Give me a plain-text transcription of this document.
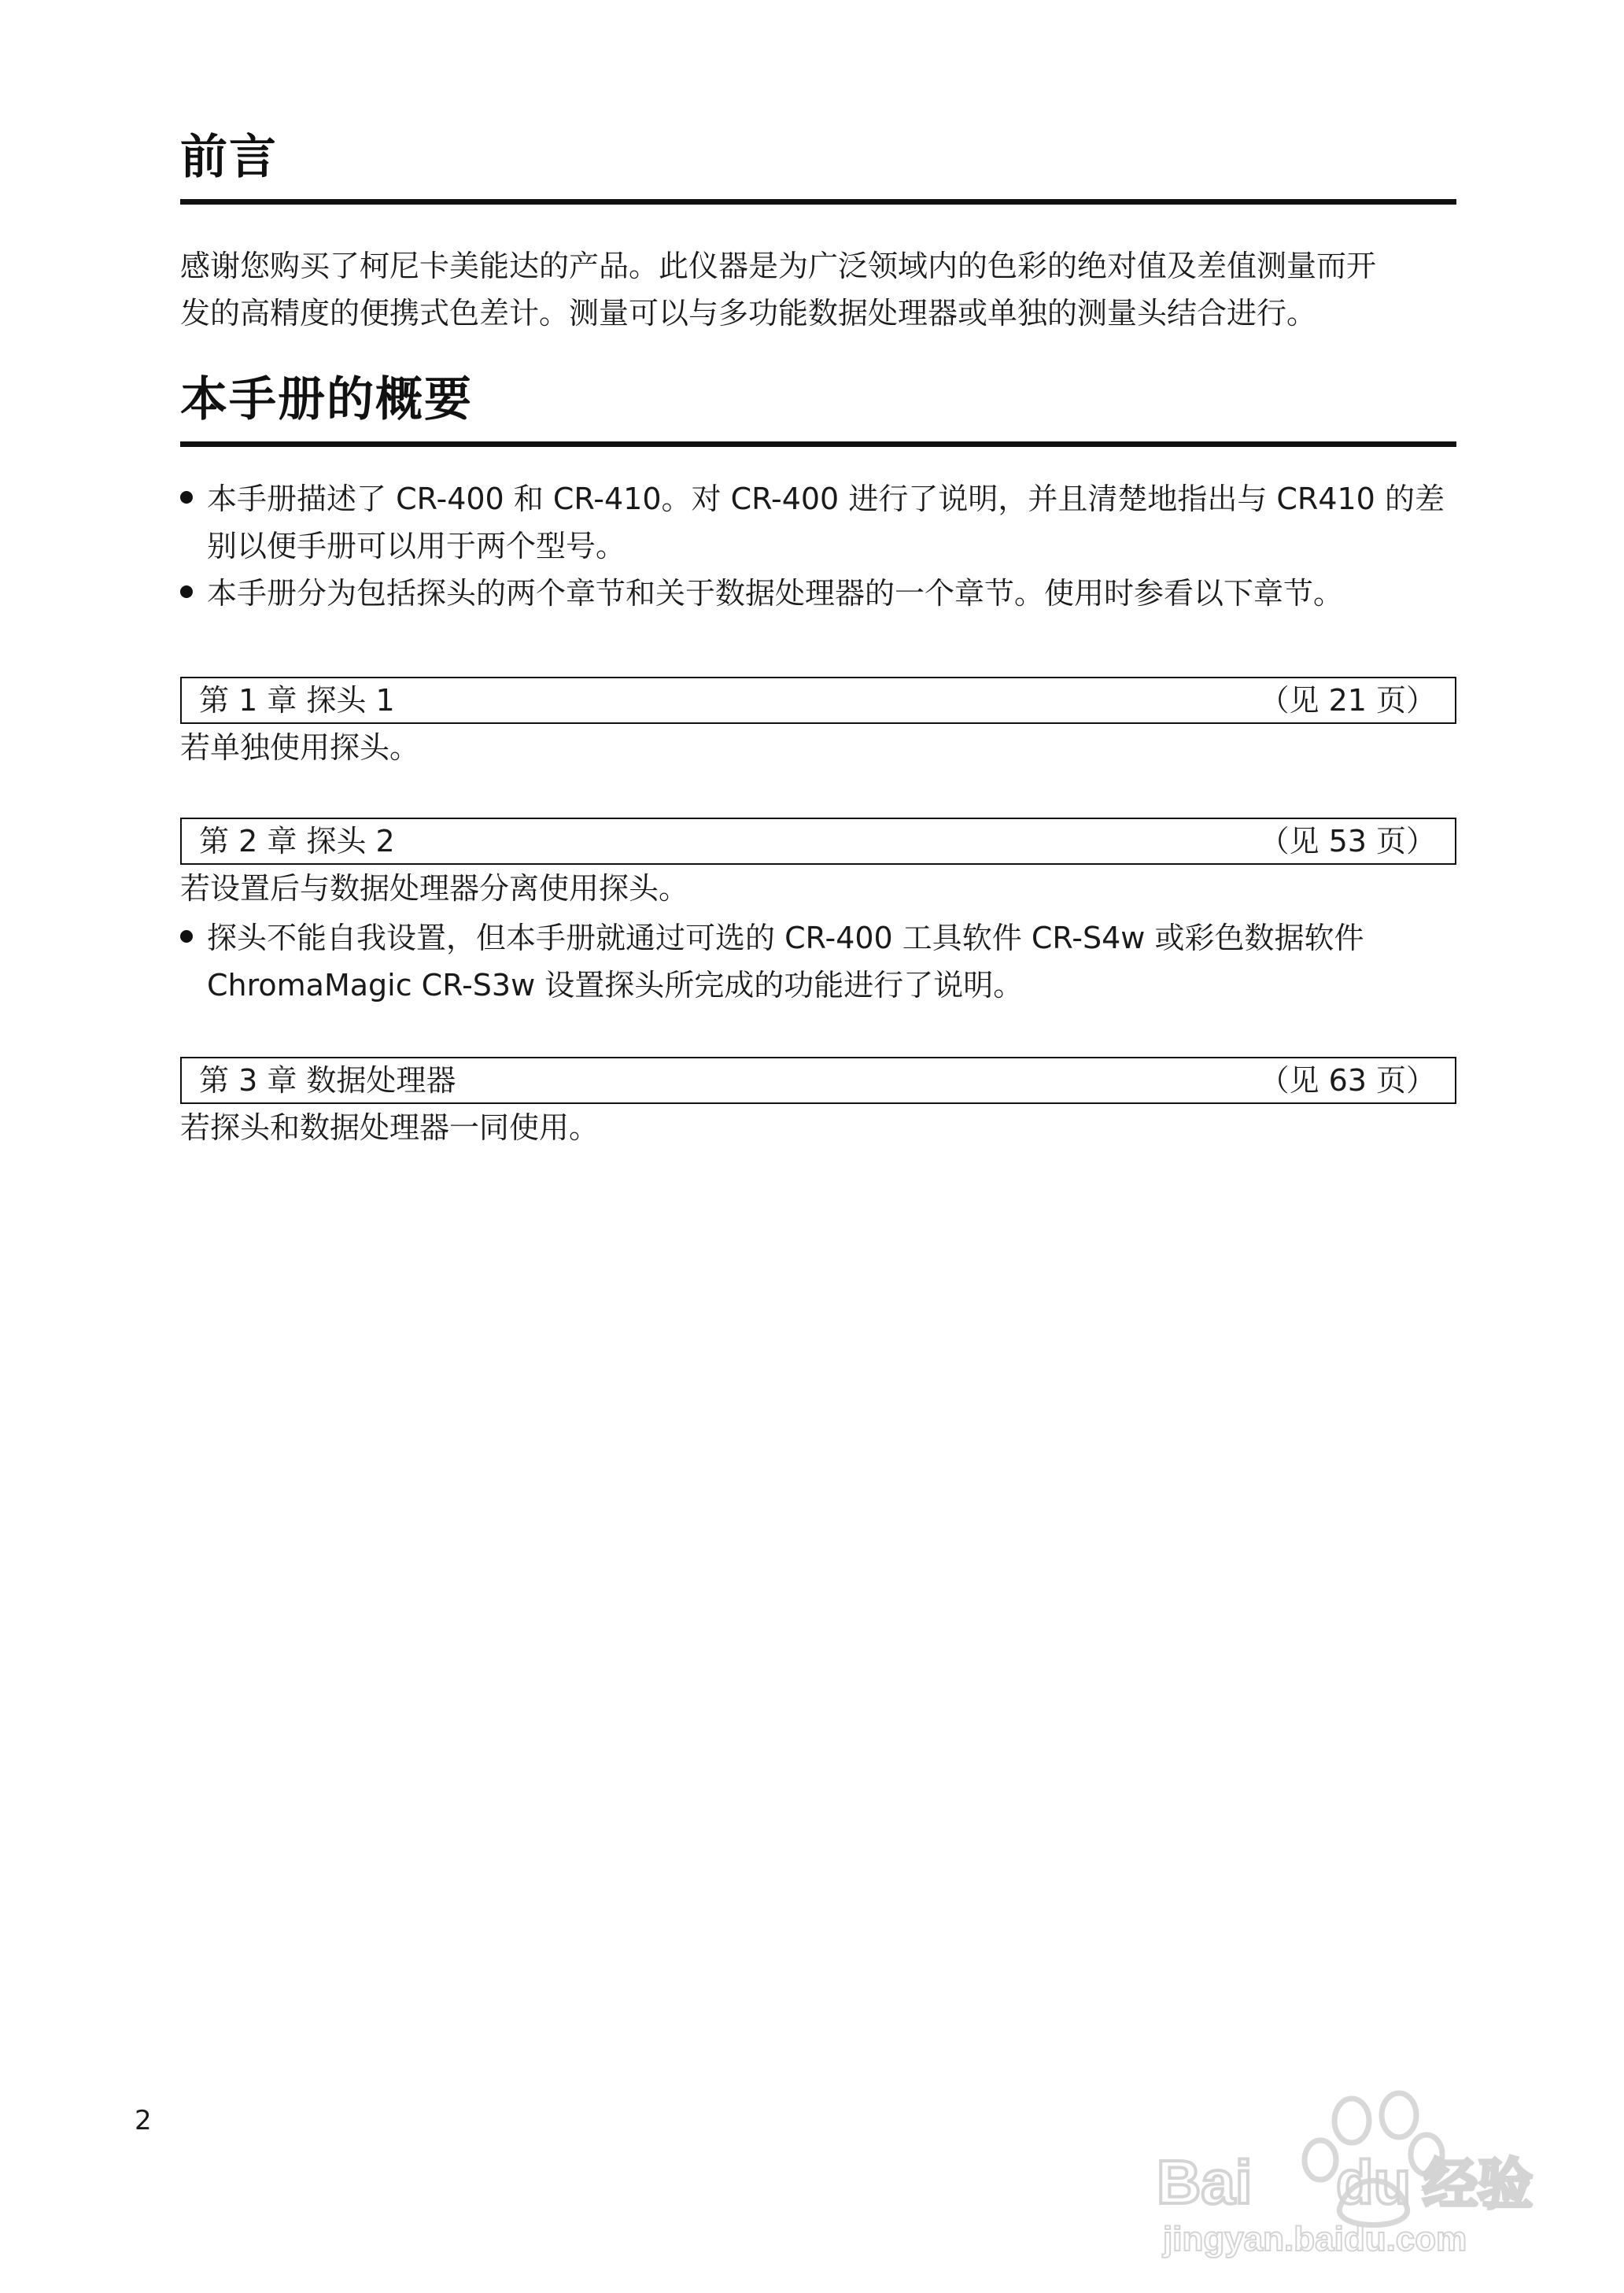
前言
感谢您购买了柯尼卡美能达的产品。此仪器是为广泛领域内的色彩的绝对值及差值测量而开
发的高精度的便携式色差计。测量可以与多功能数据处理器或单独的测量头结合进行。
本手册的概要
本手册描述了 CR-400 和 CR-410。对 CR-400 进行了说明，并且清楚地指出与 CR410 的差
别以便手册可以用于两个型号。
本手册分为包括探头的两个章节和关于数据处理器的一个章节。使用时参看以下章节。
第 1 章 探头 1	（见 21 页）
若单独使用探头。
第 2 章 探头 2	（见 53 页）
若设置后与数据处理器分离使用探头。
探头不能自我设置，但本手册就通过可选的 CR-400 工具软件 CR-S4w 或彩色数据软件
ChromaMagic CR-S3w 设置探头所完成的功能进行了说明。
第 3 章 数据处理器	（见 63 页）
若探头和数据处理器一同使用。
2
Bai du 经验
jingyan.baidu.com
